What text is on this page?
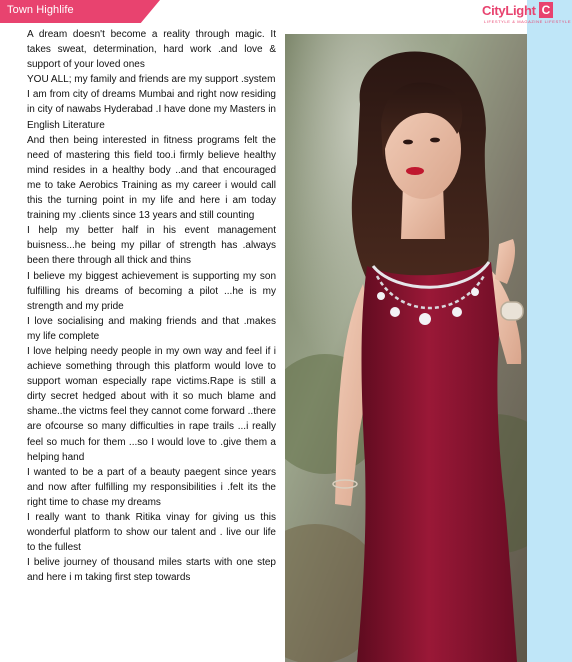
Town Highlife	CityLight C
LIFESTYLE & MAGAZINE LIFESTYLE

A dream doesn't become a reality through magic. It takes sweat, determination, hard work .and love & support of your loved ones

YOU ALL; my family and friends are my support .system

I am from city of dreams Mumbai and right now residing in city of nawabs Hyderabad .I have done my Masters in English Literature

And then being interested in fitness programs felt the need of mastering this field too.i firmly believe healthy mind resides in a healthy body ..and that encouraged me to take Aerobics Training as my career i would call this the turning point in my life and here i am today training my .clients since 13 years and still counting

I help my better half in his event management buisness...he being my pillar of strength has .always been there through all thick and thins

I believe my biggest achievement is supporting my son fulfilling his dreams of becoming a pilot ...he is my strength and my pride

I love socialising and making friends and that .makes my life complete

I love helping needy people in my own way and feel if i achieve something through this platform would love to support woman especially rape victims.Rape is still a dirty secret hedged about with it so much blame and shame..the victms feel they cannot come forward ..there are ofcourse so many difficulties in rape trails ...i really feel so much for them ...so I would love to .give them a helping hand

I wanted to be a part of a beauty paegent since years and now after fulfilling my responsibilities i .felt its the right time to chase my dreams

I really want to thank Ritika vinay for giving us this wonderful platform to show our talent and . live our life to the fullest

I belive journey of thousand miles starts with one step and here i m taking first step towards
